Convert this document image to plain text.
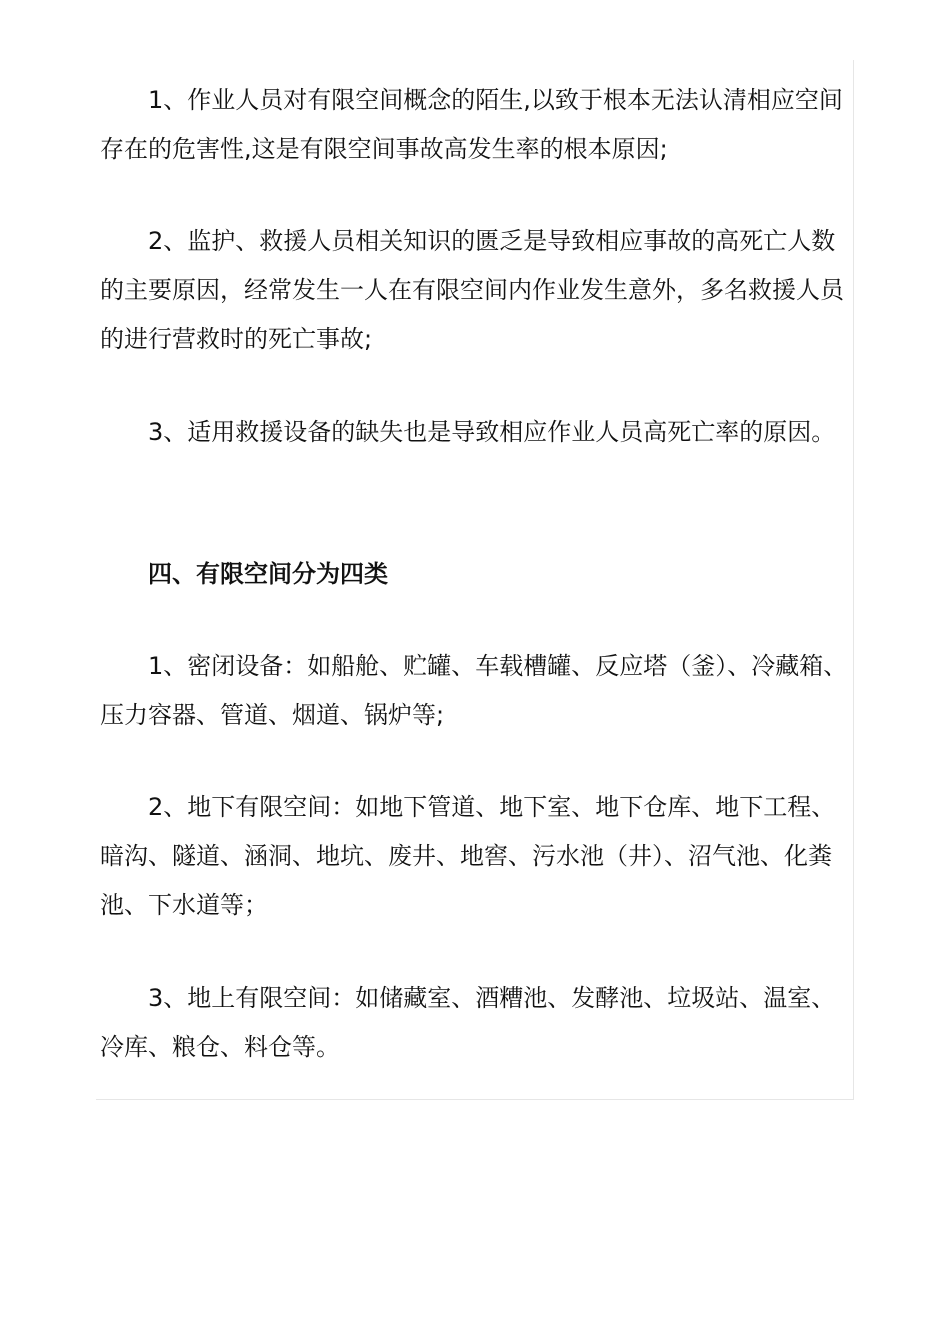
1、作业人员对有限空间概念的陌生,以致于根本无法认清相应空间存在的危害性,这是有限空间事故高发生率的根本原因;

2、监护、救援人员相关知识的匮乏是导致相应事故的高死亡人数的主要原因，经常发生一人在有限空间内作业发生意外，多名救援人员的进行营救时的死亡事故;

3、适用救援设备的缺失也是导致相应作业人员高死亡率的原因。

四、有限空间分为四类

1、密闭设备：如船舱、贮罐、车载槽罐、反应塔（釜）、冷藏箱、压力容器、管道、烟道、锅炉等;

2、地下有限空间：如地下管道、地下室、地下仓库、地下工程、暗沟、隧道、涵洞、地坑、废井、地窖、污水池（井）、沼气池、化粪池、下水道等；

3、地上有限空间：如储藏室、酒糟池、发酵池、垃圾站、温室、冷库、粮仓、料仓等。
